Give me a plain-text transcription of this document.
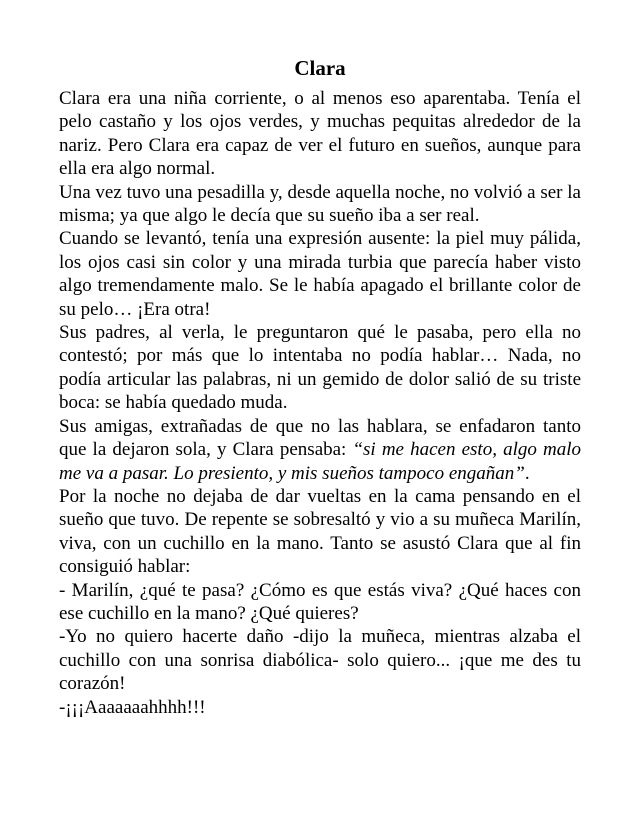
Clara

Clara era una niña corriente, o al menos eso aparentaba. Tenía el pelo castaño y los ojos verdes, y muchas pequitas alrededor de la nariz. Pero Clara era capaz de ver el futuro en sueños, aunque para ella era algo normal.

Una vez tuvo una pesadilla y, desde aquella noche, no volvió a ser la misma; ya que algo le decía que su sueño iba a ser real.

Cuando se levantó, tenía una expresión ausente: la piel muy pálida, los ojos casi sin color y una mirada turbia que parecía haber visto algo tremendamente malo. Se le había apagado el brillante color de su pelo… ¡Era otra!

Sus padres, al verla, le preguntaron qué le pasaba, pero ella no contestó; por más que lo intentaba no podía hablar… Nada, no podía articular las palabras, ni un gemido de dolor salió de su triste boca: se había quedado muda.

Sus amigas, extrañadas de que no las hablara, se enfadaron tanto que la dejaron sola, y Clara pensaba: “si me hacen esto, algo malo me va a pasar. Lo presiento, y mis sueños tampoco engañan”.

Por la noche no dejaba de dar vueltas en la cama pensando en el sueño que tuvo. De repente se sobresaltó y vio a su muñeca Marilín, viva, con un cuchillo en la mano. Tanto se asustó Clara que al fin consiguió hablar:

- Marilín, ¿qué te pasa? ¿Cómo es que estás viva? ¿Qué haces con ese cuchillo en la mano? ¿Qué quieres?

-Yo no quiero hacerte daño -dijo la muñeca, mientras alzaba el cuchillo con una sonrisa diabólica- solo quiero... ¡que me des tu corazón!

-¡¡¡Aaaaaaahhhh!!!
